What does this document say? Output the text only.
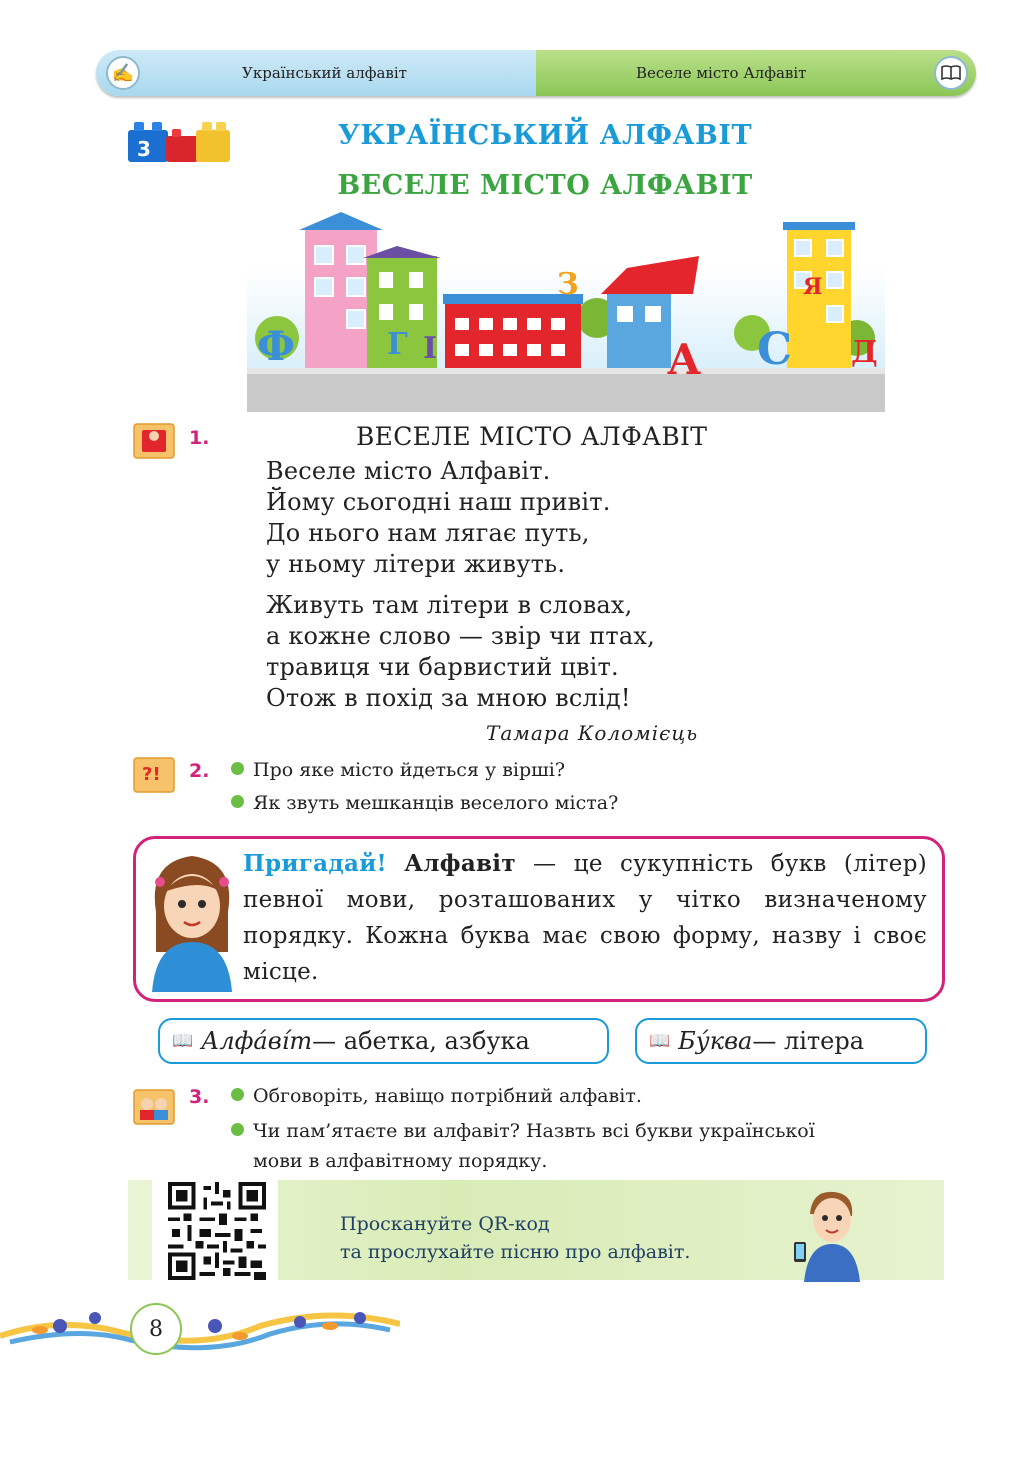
✍	Український алфавіт	Веселе місто Алфавіт
3	УКРАЇНСЬКИЙ АЛФАВІТ
ВЕСЕЛЕ МІСТО АЛФАВІТ
Ф	Г І
З
А С
Я
Д
1.	ВЕСЕЛЕ МІСТО АЛФАВІТ
Веселе місто Алфавіт.
Йому сьогодні наш привіт.
До нього нам лягає путь,
у ньому літери живуть.
Живуть там літери в словах,
а кожне слово — звір чи птах,
травиця чи барвистий цвіт.
Отож в похід за мною вслід!
Тамара Коломієць
?! 2.	Про яке місто йдеться у вірші?
Як звуть мешканців веселого міста?
Пригадай! Алфавіт — це сукупність букв (літер) певної мови, розташованих у чітко визначеному порядку. Кожна буква має свою форму, назву і своє місце.
📖 Алфа́ві́т — абетка, азбука	📖 Бу́ква — літера
3.	Обговоріть, навіщо потрібний алфавіт.
Чи пам’ятаєте ви алфавіт? Назвть всі букви української
мови в алфавітному порядку.
Проскануйте QR-код
та прослухайте пісню про алфавіт.
8
